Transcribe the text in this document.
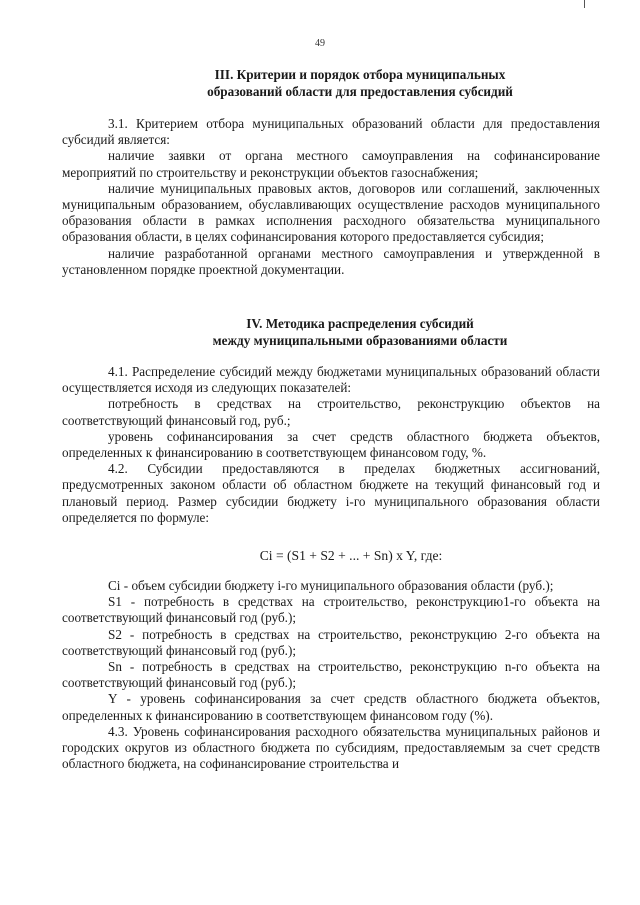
49
III. Критерии и порядок отбора муниципальных
образований области для предоставления субсидий

3.1. Критерием отбора муниципальных образований области для предоставления субсидий является:

наличие заявки от органа местного самоуправления на софинансирование мероприятий по строительству и реконструкции объектов газоснабжения;

наличие муниципальных правовых актов, договоров или соглашений, заключенных муниципальным образованием, обуславливающих осуществление расходов муниципального образования области в рамках исполнения расходного обязательства муниципального образования области, в целях софинансирования которого предоставляется субсидия;

наличие разработанной органами местного самоуправления и утвержденной в установленном порядке проектной документации.

IV. Методика распределения субсидий
между муниципальными образованиями области

4.1. Распределение субсидий между бюджетами муниципальных образований области осуществляется исходя из следующих показателей:

потребность в средствах на строительство, реконструкцию объектов на соответствующий финансовый год, руб.;

уровень софинансирования за счет средств областного бюджета объектов, определенных к финансированию в соответствующем финансовом году, %.

4.2. Субсидии предоставляются в пределах бюджетных ассигнований, предусмотренных законом области об областном бюджете на текущий финансовый год и плановый период. Размер субсидии бюджету i-го муниципального образования области определяется по формуле:

Ci = (S1 + S2 + ... + Sn) x Y, где:

Ci - объем субсидии бюджету i-го муниципального образования области (руб.);

S1 - потребность в средствах на строительство, реконструкцию1-го объекта на соответствующий финансовый год (руб.);

S2 - потребность в средствах на строительство, реконструкцию 2-го объекта на соответствующий финансовый год (руб.);

Sn - потребность в средствах на строительство, реконструкцию n-го объекта на соответствующий финансовый год (руб.);

Y - уровень софинансирования за счет средств областного бюджета объектов, определенных к финансированию в соответствующем финансовом году (%).

4.3. Уровень софинансирования расходного обязательства муниципальных районов и городских округов из областного бюджета по субсидиям, предоставляемым за счет средств областного бюджета, на софинансирование строительства и
